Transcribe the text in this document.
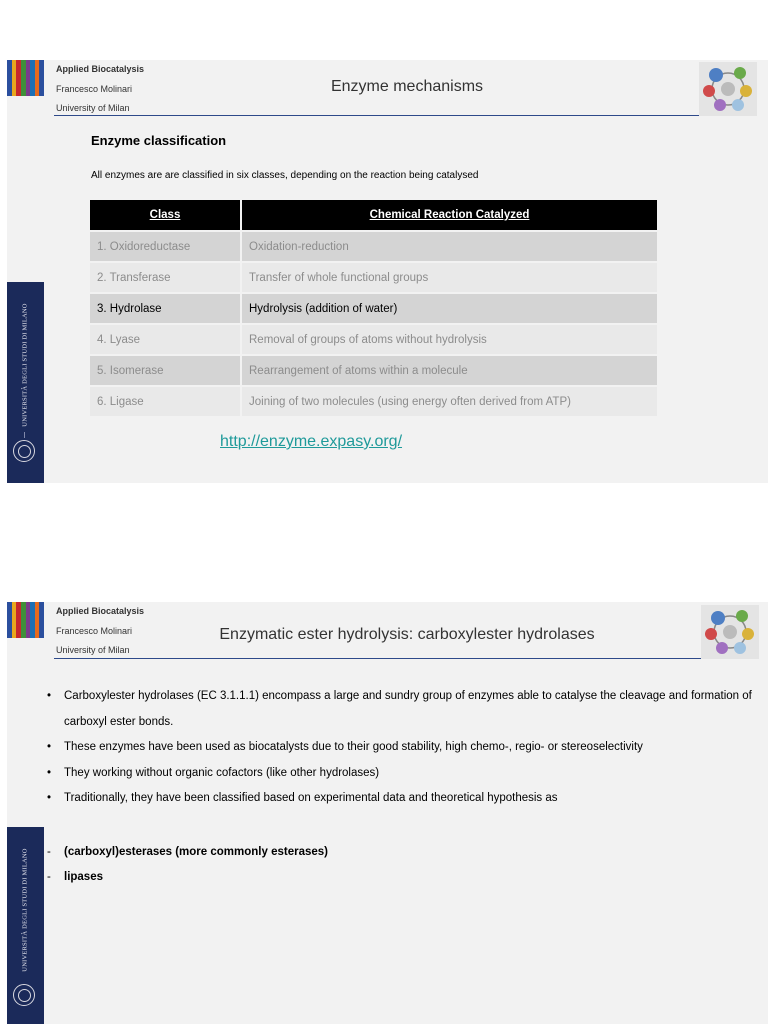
UNIVERSITÀ DEGLI STUDI DI MILANO
Applied Biocatalysis
Francesco Molinari
University of Milan
Enzyme mechanisms
Enzyme classification
All enzymes are are classified in six classes, depending on the reaction being catalysed
Class	Chemical Reaction Catalyzed
1. Oxidoreductase	Oxidation-reduction
2. Transferase	Transfer of whole functional groups
3. Hydrolase	Hydrolysis (addition of water)
4. Lyase	Removal of groups of atoms without hydrolysis
5. Isomerase	Rearrangement of atoms within a molecule
6. Ligase	Joining of two molecules (using energy often derived from ATP)
http://enzyme.expasy.org/
UNIVERSITÀ DEGLI STUDI DI MILANO
Applied Biocatalysis
Francesco Molinari
University of Milan
Enzymatic ester hydrolysis: carboxylester hydrolases
• Carboxylester hydrolases (EC 3.1.1.1) encompass a large and sundry group of enzymes able to catalyse the cleavage and formation of carboxyl ester bonds.
• These enzymes have been used as biocatalysts due to their good stability, high chemo-, regio- or stereoselectivity
• They working without organic cofactors (like other hydrolases)
• Traditionally, they have been classified based on experimental data and theoretical hypothesis as
- (carboxyl)esterases (more commonly esterases)
- lipases
